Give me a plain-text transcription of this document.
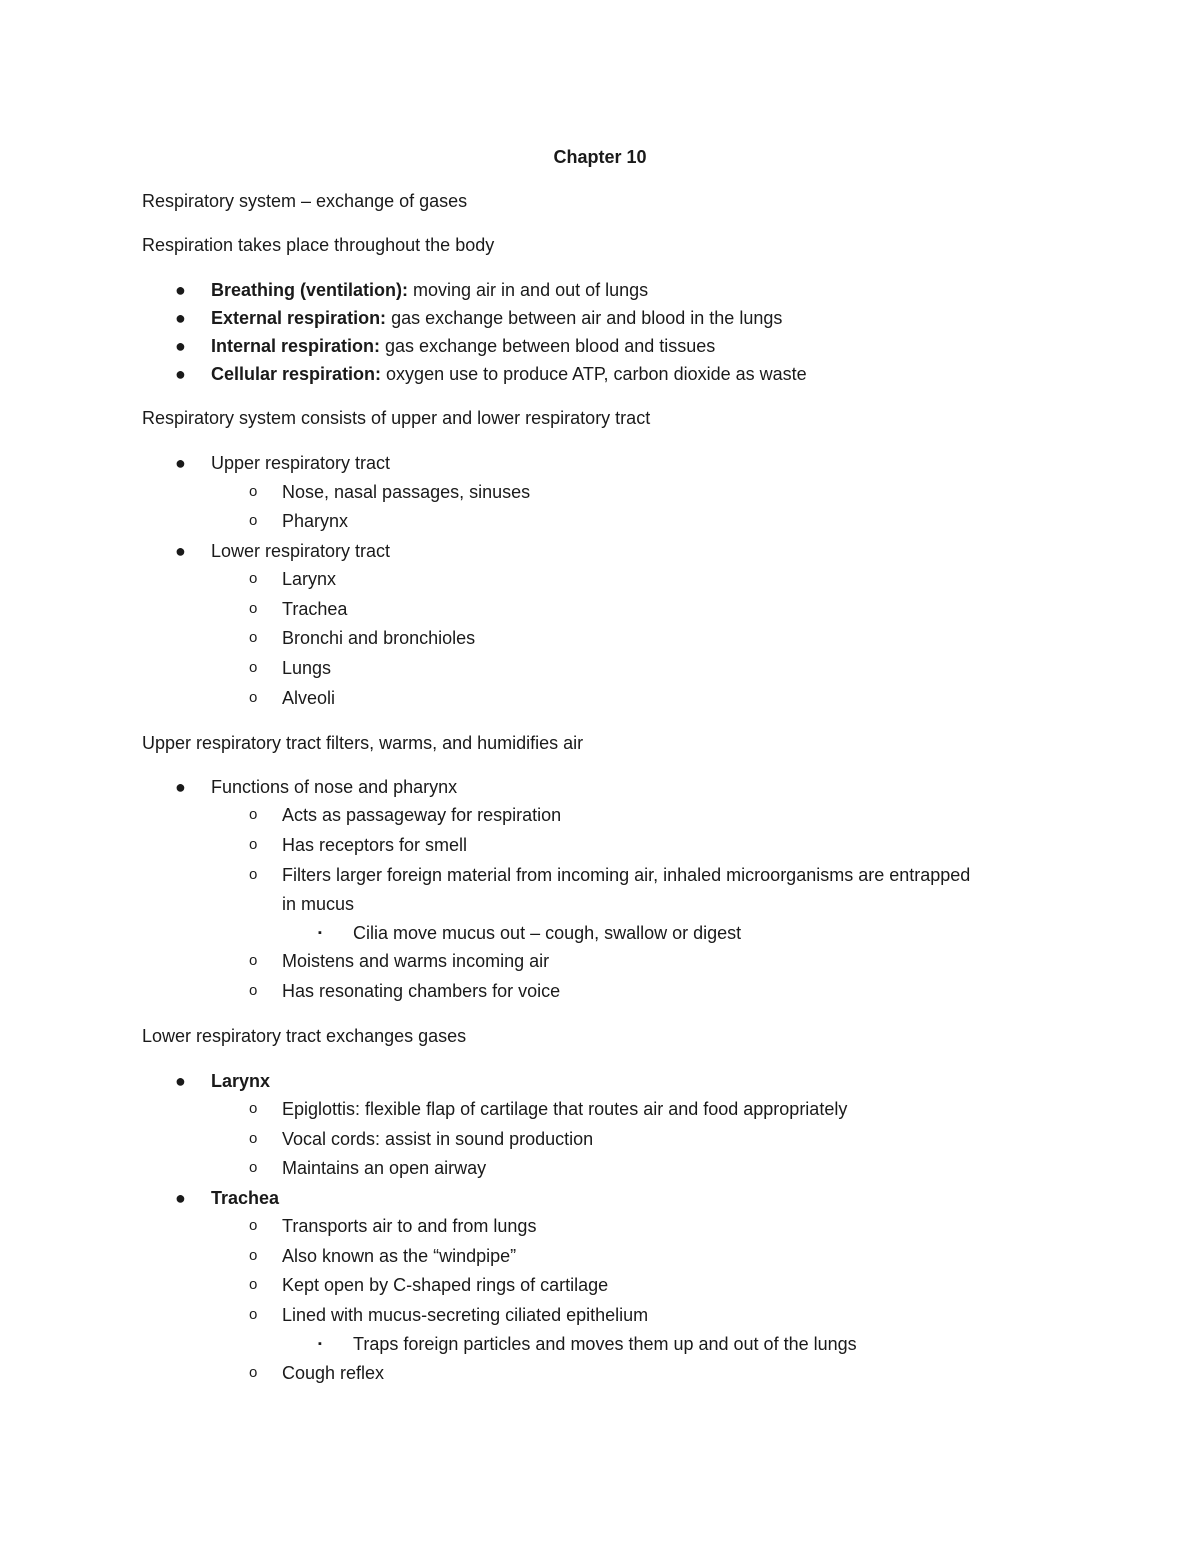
Chapter 10
Respiratory system – exchange of gases
Respiration takes place throughout the body
● Breathing (ventilation): moving air in and out of lungs
● External respiration: gas exchange between air and blood in the lungs
● Internal respiration: gas exchange between blood and tissues
● Cellular respiration: oxygen use to produce ATP, carbon dioxide as waste
Respiratory system consists of upper and lower respiratory tract
● Upper respiratory tract
o Nose, nasal passages, sinuses
o Pharynx
● Lower respiratory tract
o Larynx
o Trachea
o Bronchi and bronchioles
o Lungs
o Alveoli
Upper respiratory tract filters, warms, and humidifies air
● Functions of nose and pharynx
o Acts as passageway for respiration
o Has receptors for smell
o Filters larger foreign material from incoming air, inhaled microorganisms are entrapped
in mucus
▪ Cilia move mucus out – cough, swallow or digest
o Moistens and warms incoming air
o Has resonating chambers for voice
Lower respiratory tract exchanges gases
● Larynx
o Epiglottis: flexible flap of cartilage that routes air and food appropriately
o Vocal cords: assist in sound production
o Maintains an open airway
● Trachea
o Transports air to and from lungs
o Also known as the “windpipe”
o Kept open by C-shaped rings of cartilage
o Lined with mucus-secreting ciliated epithelium
▪ Traps foreign particles and moves them up and out of the lungs
o Cough reflex
